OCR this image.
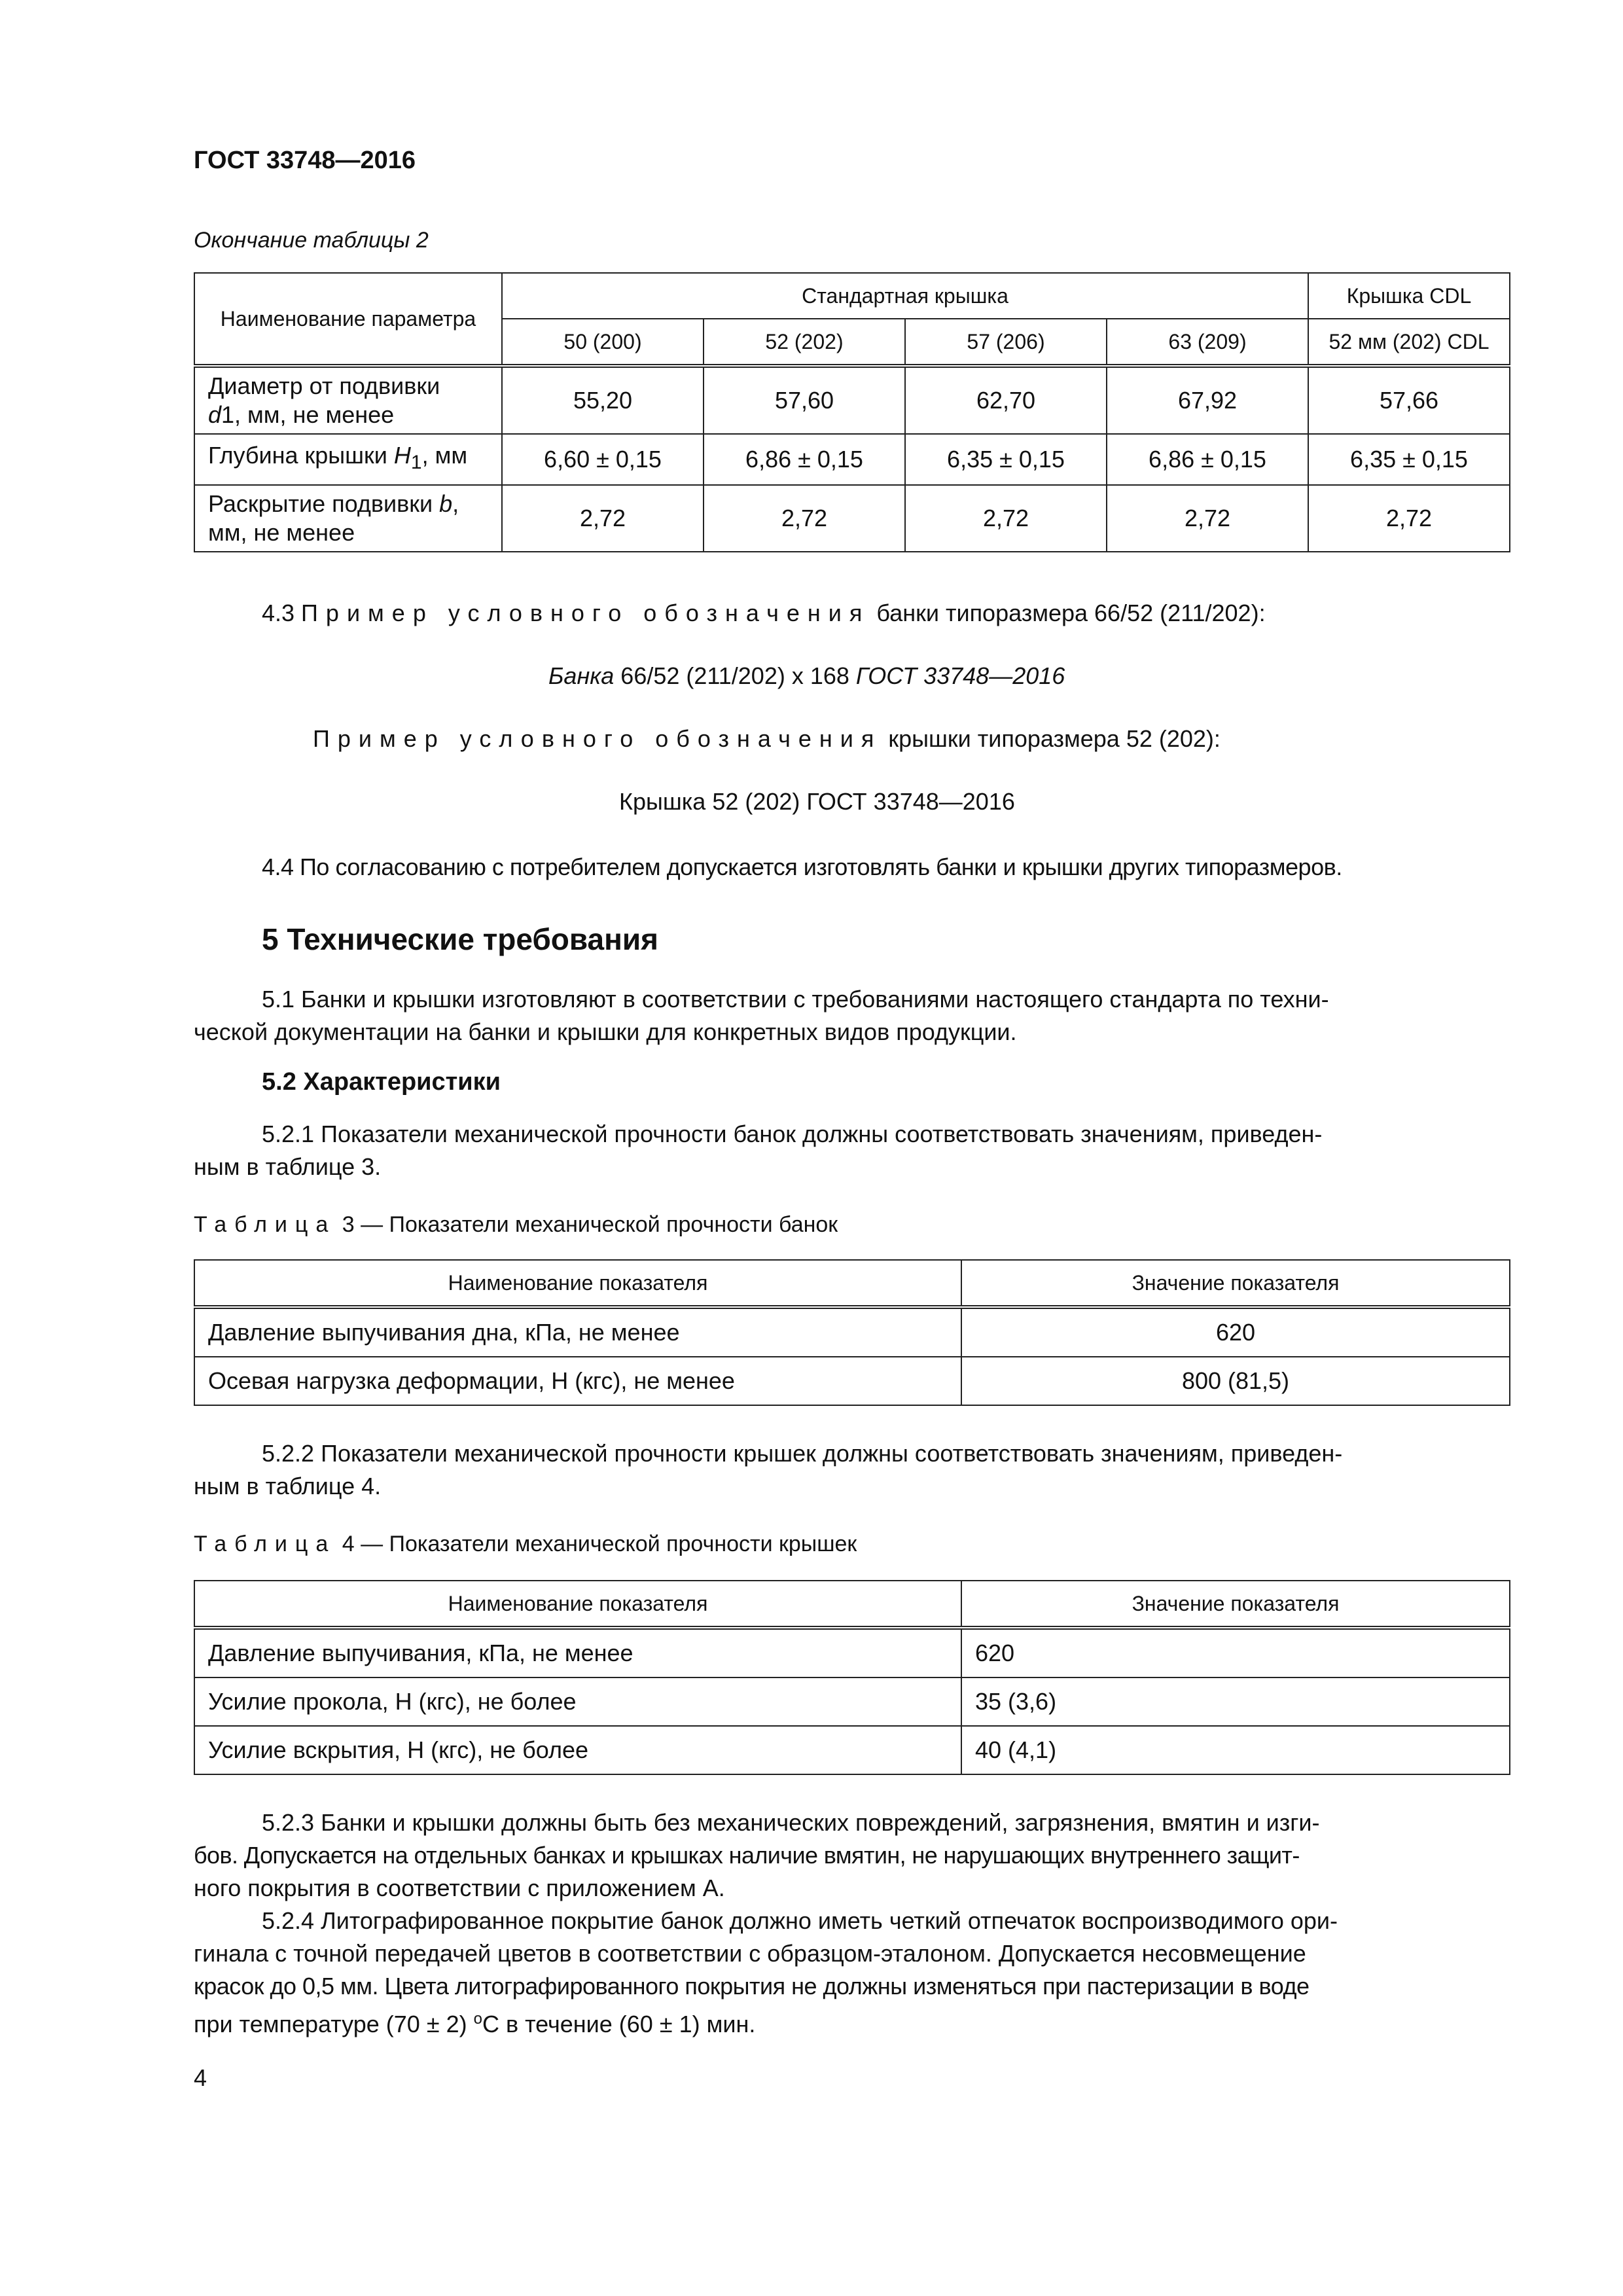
ГОСТ 33748—2016
Окончание таблицы 2
Наименование параметра	Стандартная крышка				Крышка CDL
	50 (200)	52 (202)	57 (206)	63 (209)	52 мм (202) CDL
Диаметр от подвивки
d1, мм, не менее	55,20	57,60	62,70	67,92	57,66
Глубина крышки $H_1$, мм	6,60 ± 0,15	6,86 ± 0,15	6,35 ± 0,15	6,86 ± 0,15	6,35 ± 0,15
Раскрытие подвивки b,
мм, не менее	2,72	2,72	2,72	2,72	2,72
4.3 Пример условного обозначения банки типоразмера 66/52 (211/202):
Банка 66/52 (211/202) x 168 ГОСТ 33748—2016
Пример условного обозначения крышки типоразмера 52 (202):
Крышка 52 (202) ГОСТ 33748—2016
4.4 По согласованию с потребителем допускается изготовлять банки и крышки других типоразмеров.
5 Технические требования
5.1 Банки и крышки изготовляют в соответствии с требованиями настоящего стандарта по техни-
ческой документации на банки и крышки для конкретных видов продукции.
5.2 Характеристики
5.2.1 Показатели механической прочности банок должны соответствовать значениям, приведен-
ным в таблице 3.
Таблица 3 — Показатели механической прочности банок
Наименование показателя	Значение показателя
Давление выпучивания дна, кПа, не менее	620
Осевая нагрузка деформации, Н (кгс), не менее	800 (81,5)
5.2.2 Показатели механической прочности крышек должны соответствовать значениям, приведен-
ным в таблице 4.
Таблица 4 — Показатели механической прочности крышек
Наименование показателя	Значение показателя
Давление выпучивания, кПа, не менее	620
Усилие прокола, Н (кгс), не более	35 (3,6)
Усилие вскрытия, Н (кгс), не более	40 (4,1)
5.2.3 Банки и крышки должны быть без механических повреждений, загрязнения, вмятин и изги-
бов. Допускается на отдельных банках и крышках наличие вмятин, не нарушающих внутреннего защит-
ного покрытия в соответствии с приложением А.
5.2.4 Литографированное покрытие банок должно иметь четкий отпечаток воспроизводимого ори-
гинала с точной передачей цветов в соответствии с образцом-эталоном. Допускается несовмещение
красок до 0,5 мм. Цвета литографированного покрытия не должны изменяться при пастеризации в воде
при температуре (70 ± 2) $^о$С в течение (60 ± 1) мин.
4
